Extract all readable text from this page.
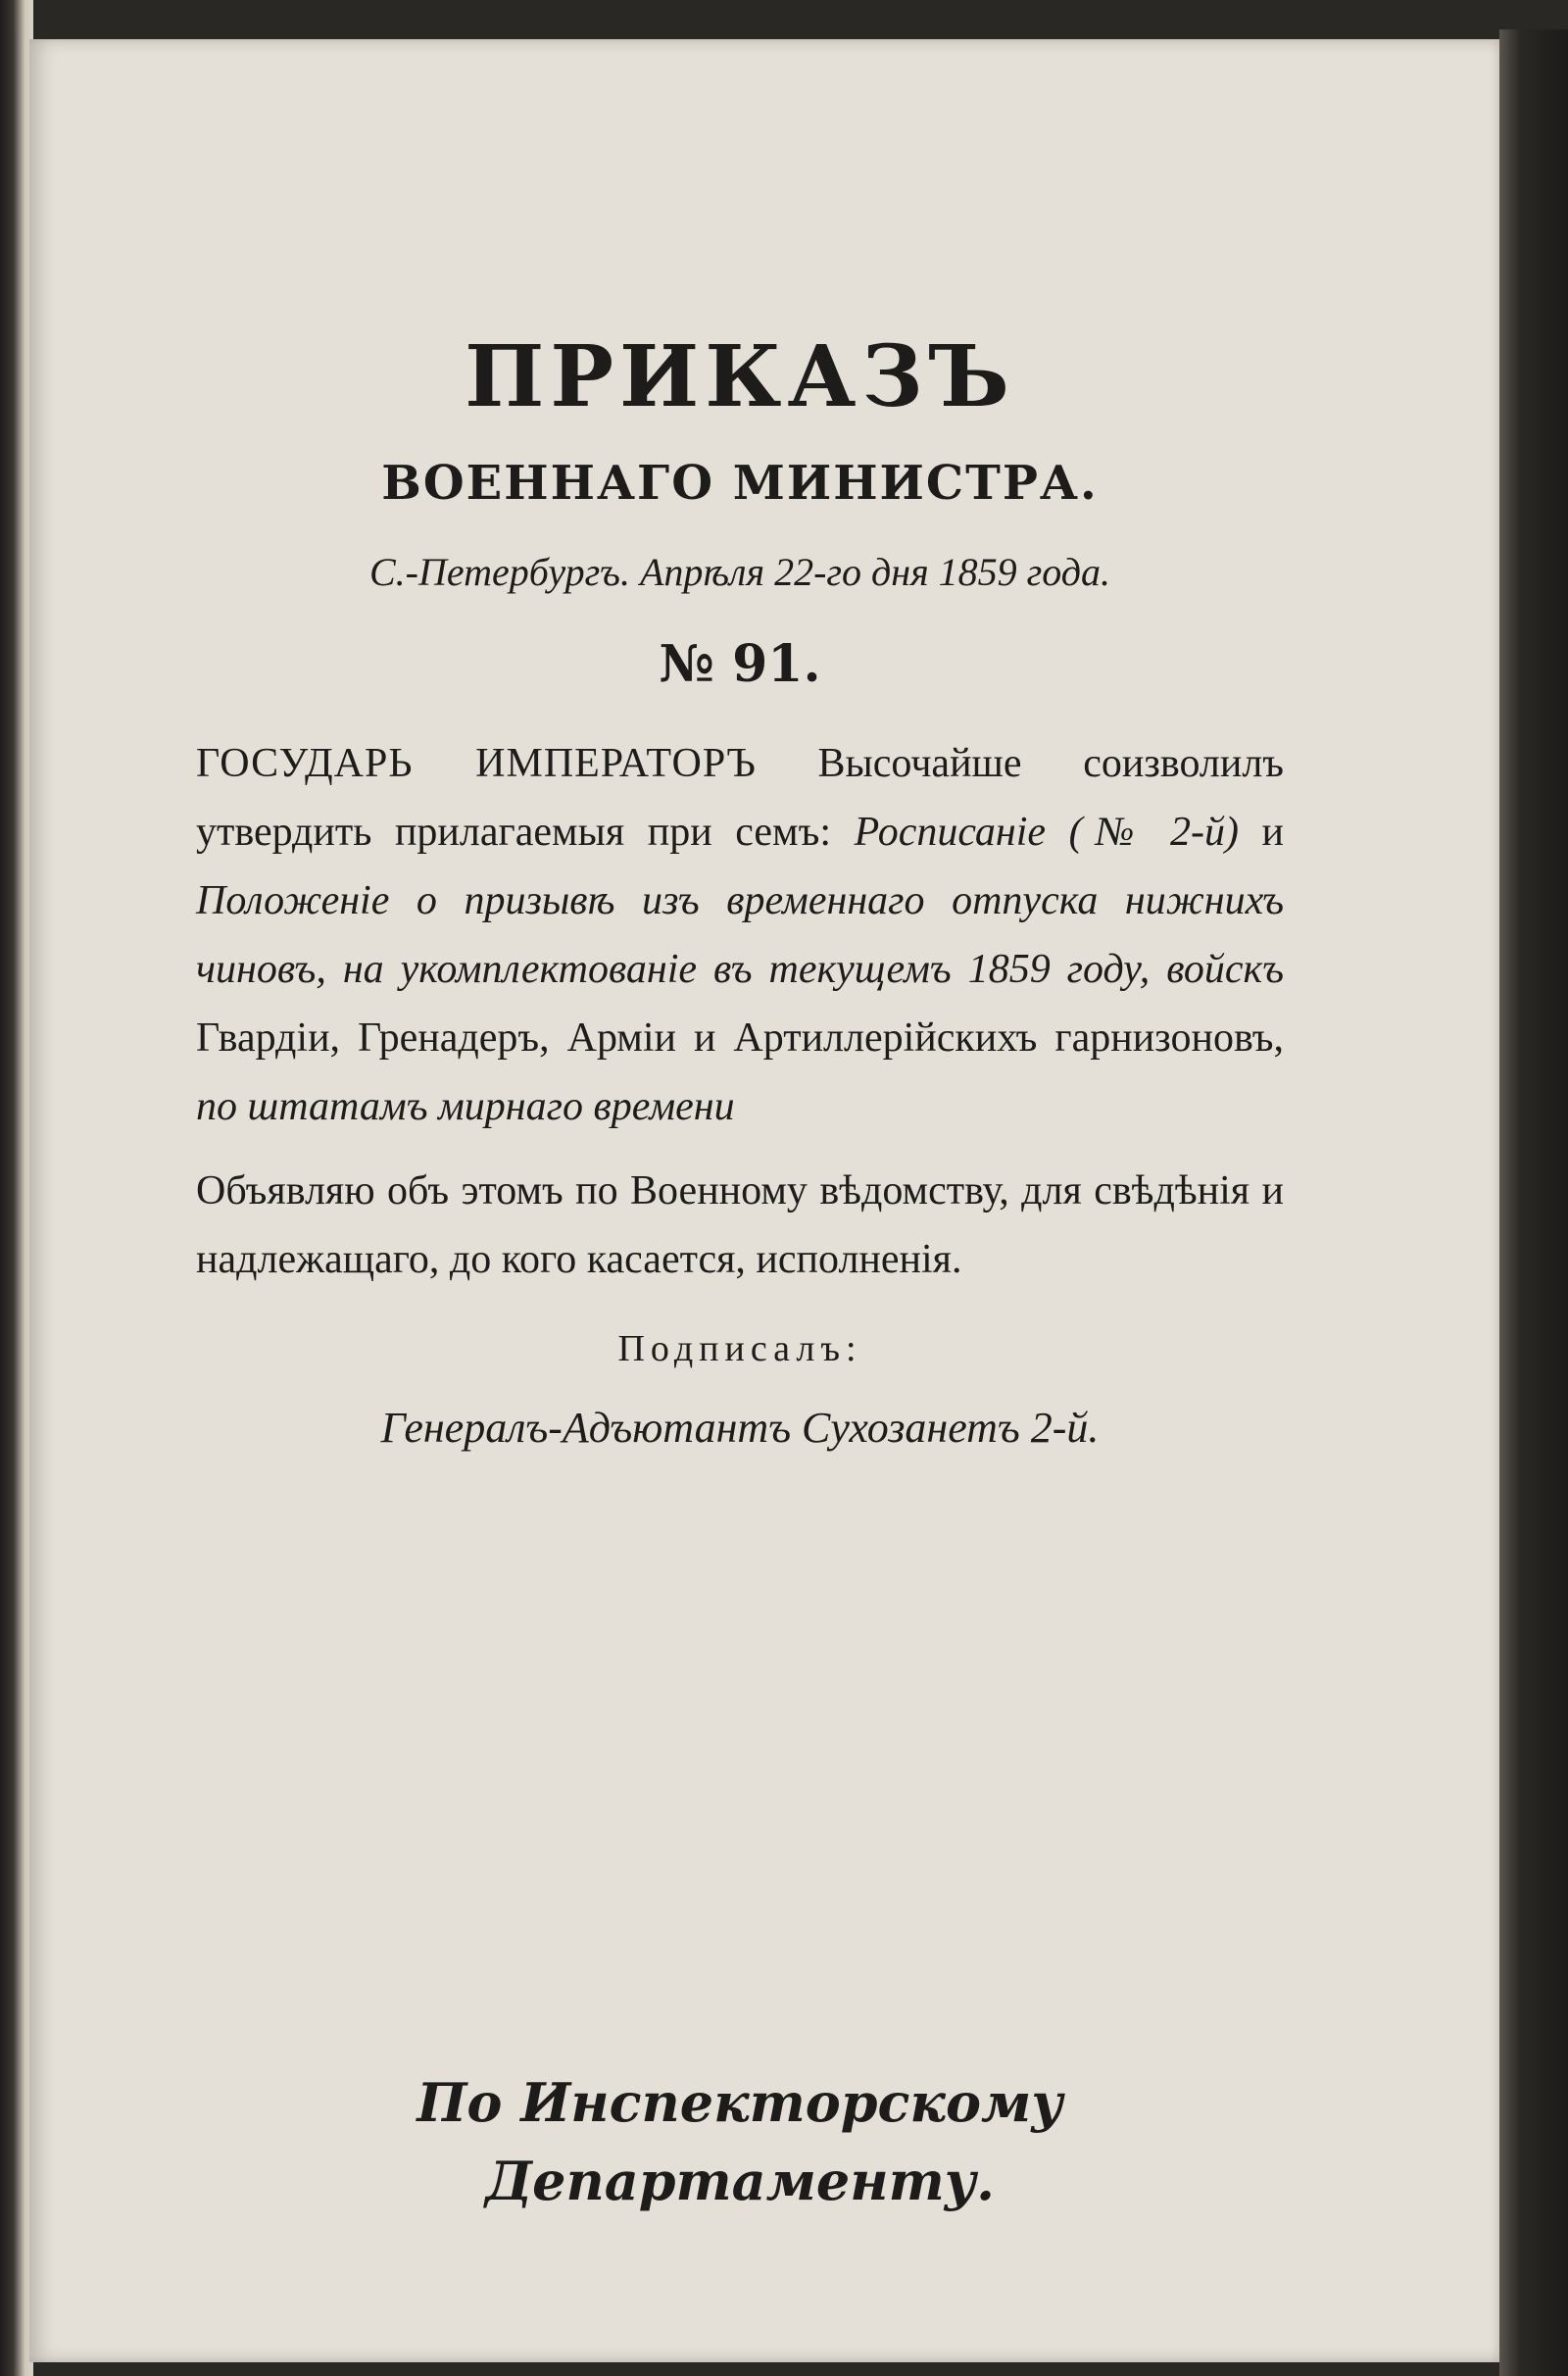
ПРИКАЗЪ
ВОЕННАГО МИНИСТРА.

С.-Петербургъ. Апрѣля 22-го дня 1859 года.

№ 91.

ГОСУДАРЬ ИМПЕРАТОРЪ Высочайше соизволилъ утвердить прилагаемыя при семъ: Росписаніе (№ 2-й) и Положеніе о призывѣ изъ временнаго отпуска нижнихъ чиновъ, на укомплектованіе въ текущемъ 1859 году, войскъ Гвардіи, Гренадеръ, Арміи и Артиллерійскихъ гарнизоновъ, по штатамъ мирнаго времени

Объявляю объ этомъ по Военному вѣдомству, для свѣдѣнія и надлежащаго, до кого касается, исполненія.

Подписалъ:

Генералъ-Адъютантъ Сухозанетъ 2-й.

По Инспекторскому Департаменту.
